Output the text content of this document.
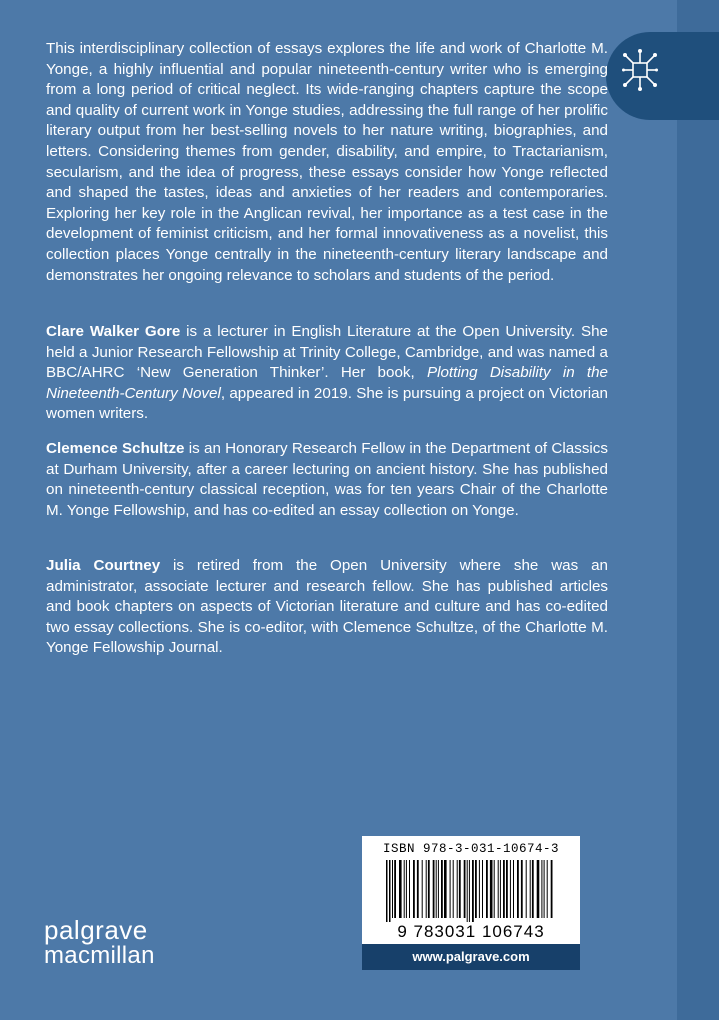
This interdisciplinary collection of essays explores the life and work of Charlotte M. Yonge, a highly influential and popular nineteenth-century writer who is emerging from a long period of critical neglect. Its wide-ranging chapters capture the scope and quality of current work in Yonge studies, addressing the full range of her prolific literary output from her best-selling novels to her nature writing, biographies, and letters. Considering themes from gender, disability, and empire, to Tractarianism, secularism, and the idea of progress, these essays consider how Yonge reflected and shaped the tastes, ideas and anxieties of her readers and contemporaries. Exploring her key role in the Anglican revival, her importance as a test case in the development of feminist criticism, and her formal innovativeness as a novelist, this collection places Yonge centrally in the nineteenth-century literary landscape and demonstrates her ongoing relevance to scholars and students of the period.

Clare Walker Gore is a lecturer in English Literature at the Open University. She held a Junior Research Fellowship at Trinity College, Cambridge, and was named a BBC/AHRC ‘New Generation Thinker’. Her book, Plotting Disability in the Nineteenth-Century Novel, appeared in 2019. She is pursuing a project on Victorian women writers.

Clemence Schultze is an Honorary Research Fellow in the Department of Classics at Durham University, after a career lecturing on ancient history. She has published on nineteenth-century classical reception, was for ten years Chair of the Charlotte M. Yonge Fellowship, and has co-edited an essay collection on Yonge.

Julia Courtney is retired from the Open University where she was an administrator, associate lecturer and research fellow. She has published articles and book chapters on aspects of Victorian literature and culture and has co-edited two essay collections. She is co-editor, with Clemence Schultze, of the Charlotte M. Yonge Fellowship Journal.

ISBN 978-3-031-10674-3
9 783031 106743
www.palgrave.com
palgrave
macmillan
